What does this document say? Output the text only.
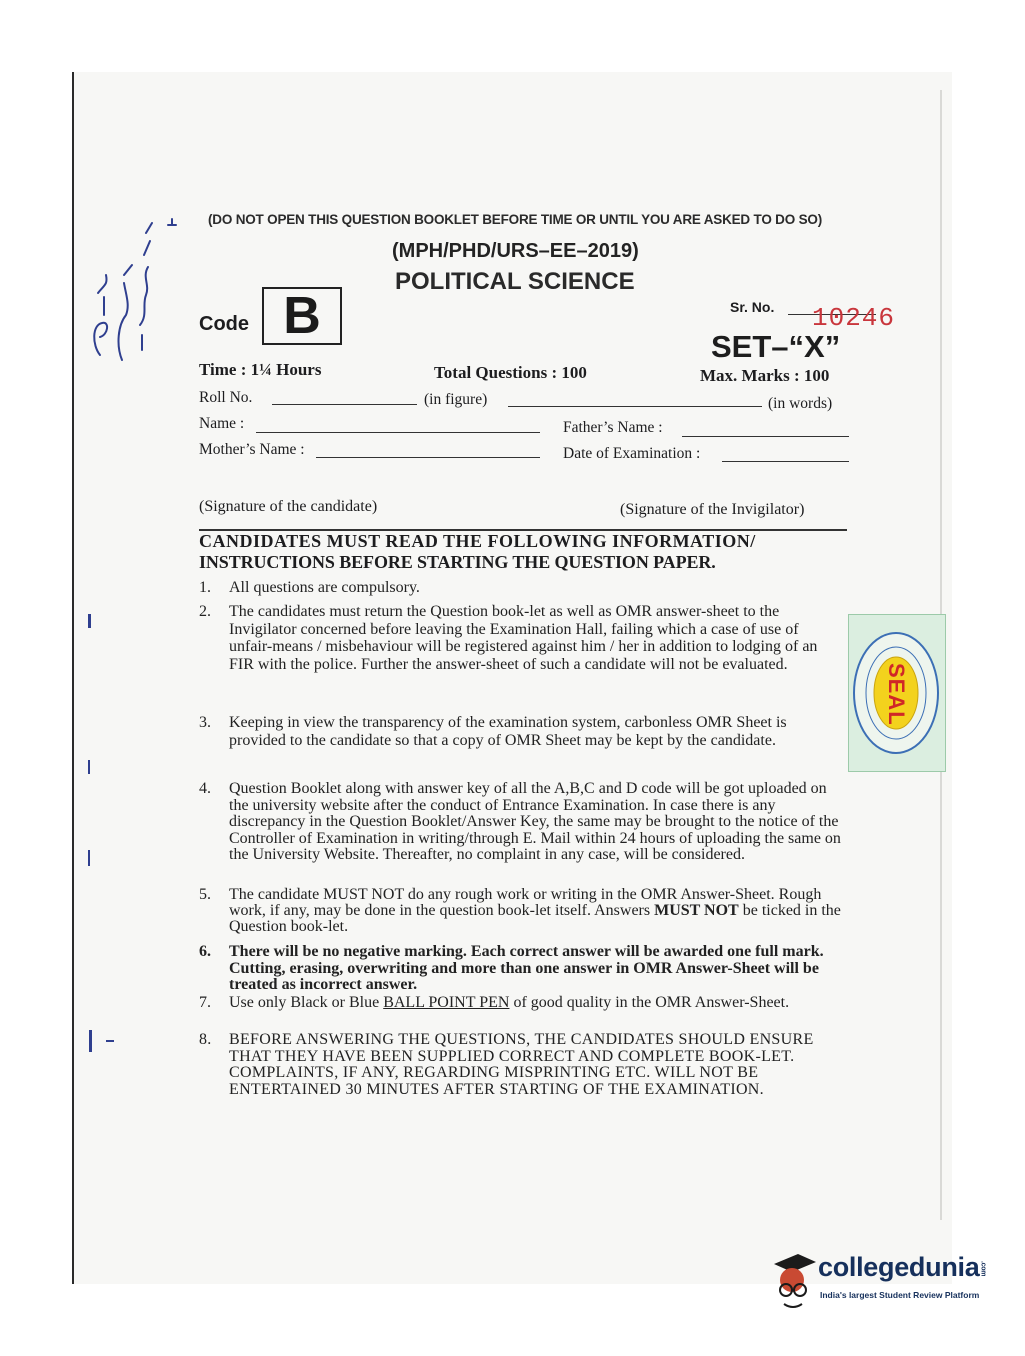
(DO NOT OPEN THIS QUESTION BOOKLET BEFORE TIME OR UNTIL YOU ARE ASKED TO DO SO)
(MPH/PHD/URS–EE–2019)
POLITICAL SCIENCE
Code B	Sr. No. 10246
SET–“X”
Time : 1¼ Hours	Total Questions : 100	Max. Marks : 100
Roll No.	(in figure)	(in words)
Name :	Father’s Name :
Mother’s Name :	Date of Examination :
(Signature of the candidate)	(Signature of the Invigilator)
CANDIDATES MUST READ THE FOLLOWING INFORMATION/
INSTRUCTIONS BEFORE STARTING THE QUESTION PAPER.
1. All questions are compulsory.
2. The candidates must return the Question book-let as well as OMR answer-sheet to the Invigilator concerned before leaving the Examination Hall, failing which a case of use of unfair-means / misbehaviour will be registered against him / her in addition to lodging of an FIR with the police. Further the answer-sheet of such a candidate will not be evaluated.
3. Keeping in view the transparency of the examination system, carbonless OMR Sheet is provided to the candidate so that a copy of OMR Sheet may be kept by the candidate.
4. Question Booklet along with answer key of all the A,B,C and D code will be got uploaded on the university website after the conduct of Entrance Examination. In case there is any discrepancy in the Question Booklet/Answer Key, the same may be brought to the notice of the Controller of Examination in writing/through E. Mail within 24 hours of uploading the same on the University Website. Thereafter, no complaint in any case, will be considered.
5. The candidate MUST NOT do any rough work or writing in the OMR Answer-Sheet. Rough work, if any, may be done in the question book-let itself. Answers MUST NOT be ticked in the Question book-let.
6. There will be no negative marking. Each correct answer will be awarded one full mark. Cutting, erasing, overwriting and more than one answer in OMR Answer-Sheet will be treated as incorrect answer.
7. Use only Black or Blue BALL POINT PEN of good quality in the OMR Answer-Sheet.
8. BEFORE ANSWERING THE QUESTIONS, THE CANDIDATES SHOULD ENSURE THAT THEY HAVE BEEN SUPPLIED CORRECT AND COMPLETE BOOK-LET. COMPLAINTS, IF ANY, REGARDING MISPRINTING ETC. WILL NOT BE ENTERTAINED 30 MINUTES AFTER STARTING OF THE EXAMINATION.
SEAL
collegedunia.com
India's largest Student Review Platform
